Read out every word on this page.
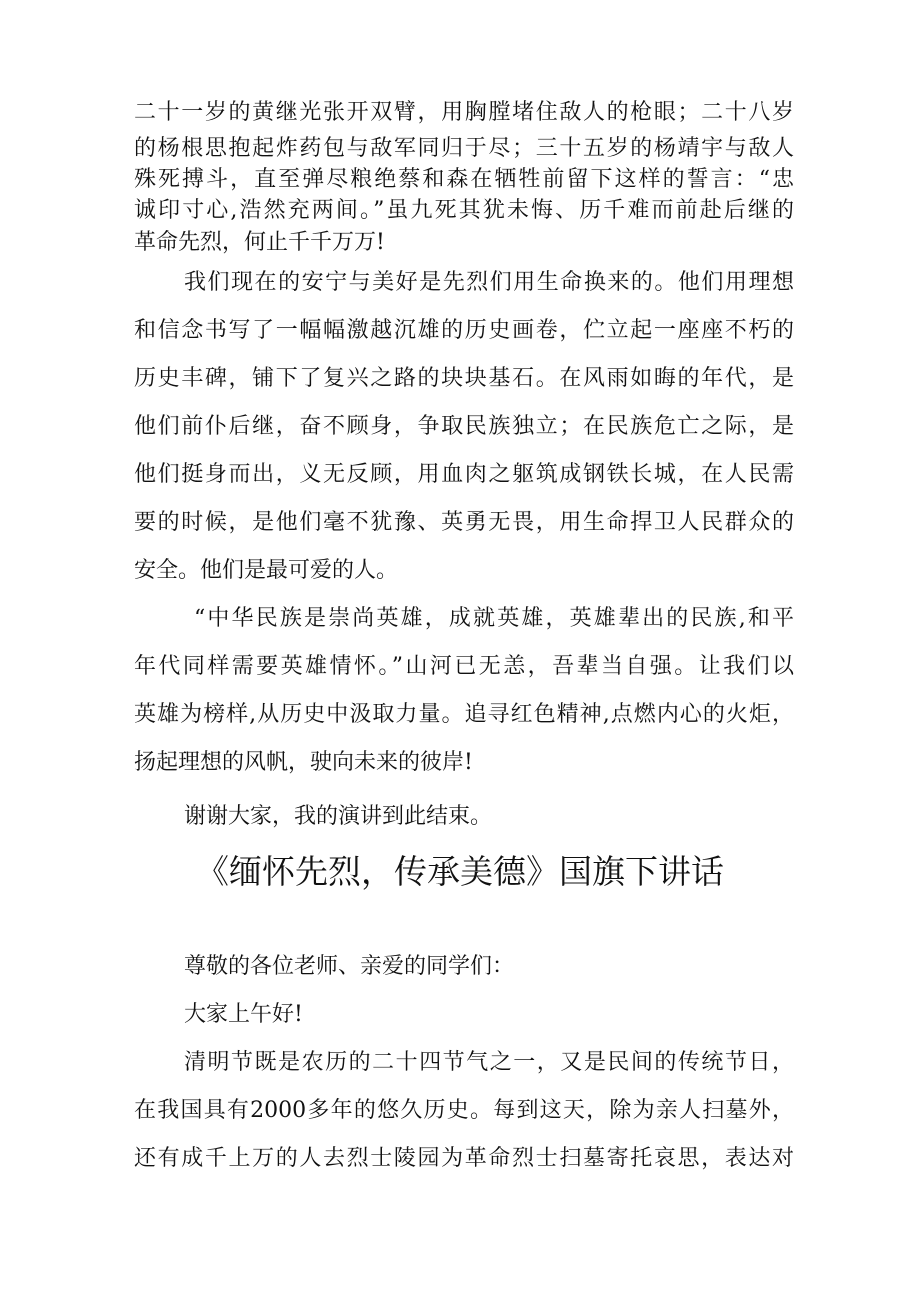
二十一岁的黄继光张开双臂，用胸膛堵住敌人的枪眼；二十八岁
的杨根思抱起炸药包与敌军同归于尽；三十五岁的杨靖宇与敌人
殊死搏斗，直至弹尽粮绝蔡和森在牺牲前留下这样的誓言：“忠
诚印寸心,浩然充两间。”虽九死其犹未悔、历千难而前赴后继的
革命先烈，何止千千万万!
我们现在的安宁与美好是先烈们用生命换来的。他们用理想
和信念书写了一幅幅激越沉雄的历史画卷，伫立起一座座不朽的
历史丰碑，铺下了复兴之路的块块基石。在风雨如晦的年代，是
他们前仆后继，奋不顾身，争取民族独立；在民族危亡之际，是
他们挺身而出，义无反顾，用血肉之躯筑成钢铁长城，在人民需
要的时候，是他们毫不犹豫、英勇无畏，用生命捍卫人民群众的
安全。他们是最可爱的人。
“中华民族是崇尚英雄，成就英雄，英雄辈出的民族,和平
年代同样需要英雄情怀。”山河已无恙，吾辈当自强。让我们以
英雄为榜样,从历史中汲取力量。追寻红色精神,点燃内心的火炬，
扬起理想的风帆，驶向未来的彼岸!
谢谢大家，我的演讲到此结束。
《缅怀先烈，传承美德》国旗下讲话
尊敬的各位老师、亲爱的同学们：
大家上午好!
清明节既是农历的二十四节气之一，又是民间的传统节日，
在我国具有2000多年的悠久历史。每到这天，除为亲人扫墓外，
还有成千上万的人去烈士陵园为革命烈士扫墓寄托哀思，表达对
